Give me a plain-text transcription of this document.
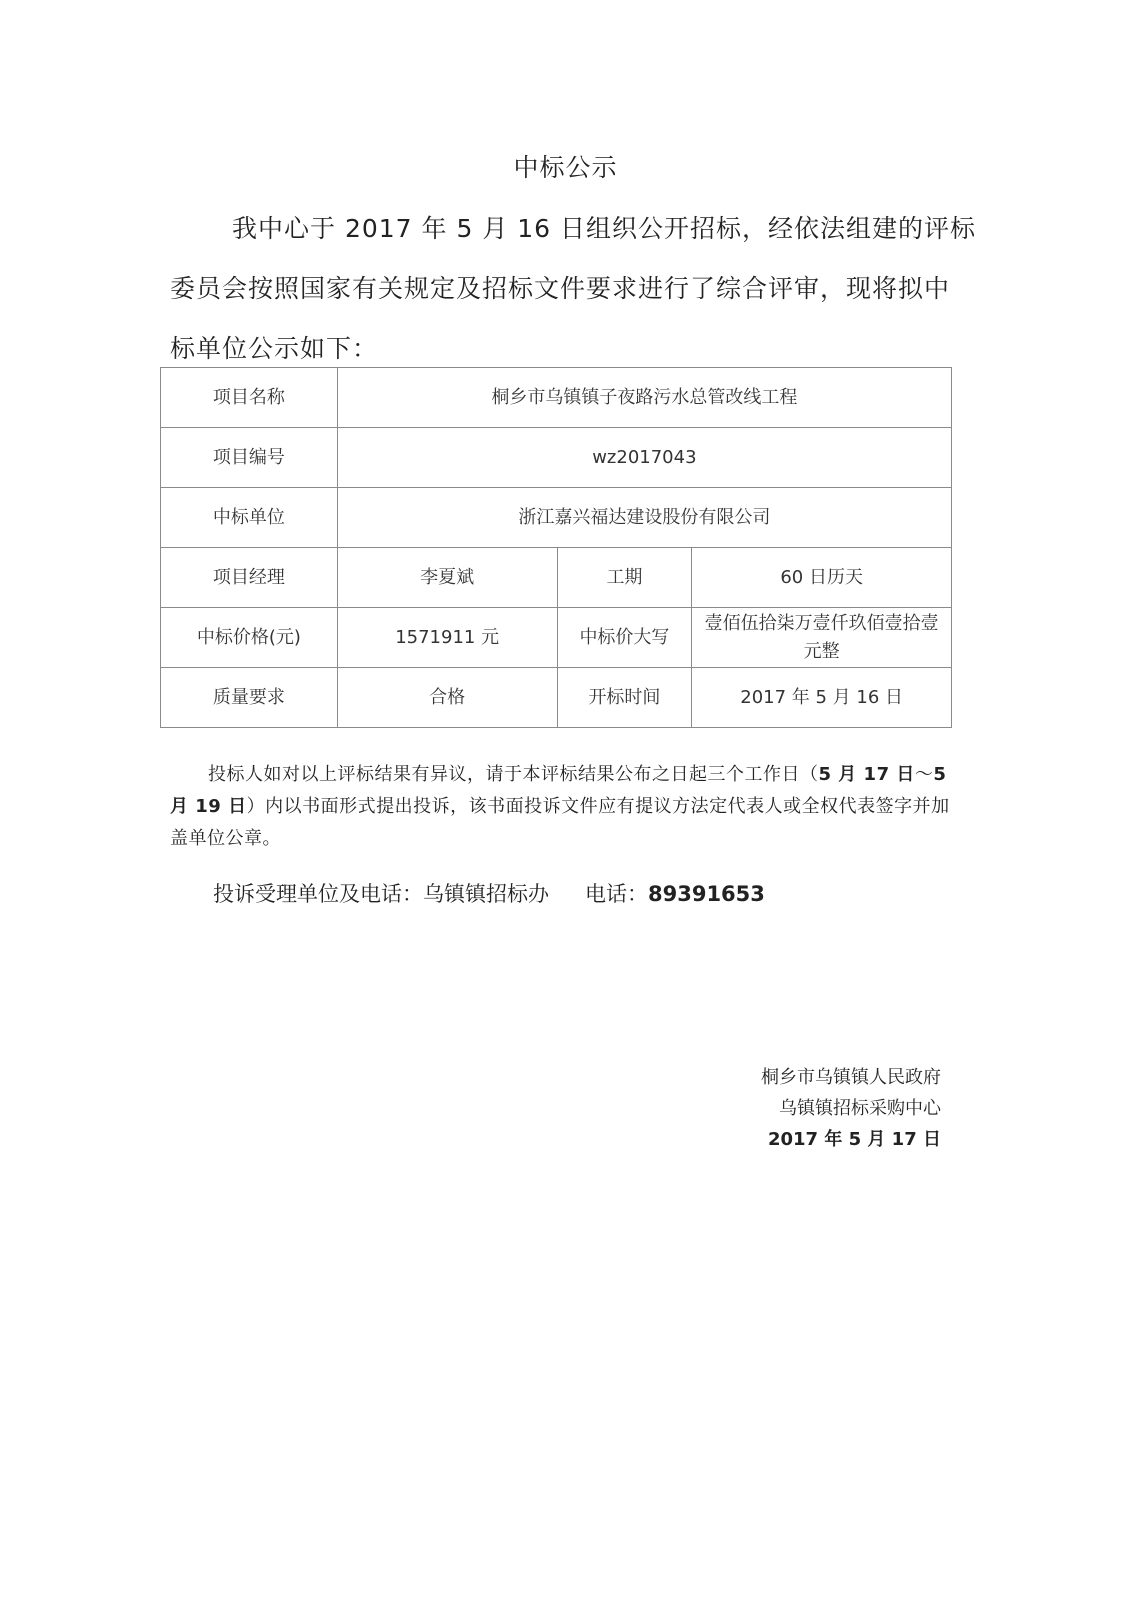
中标公示
我中心于 2017 年 5 月 16 日组织公开招标，经依法组建的评标
委员会按照国家有关规定及招标文件要求进行了综合评审，现将拟中
标单位公示如下：
项目名称	桐乡市乌镇镇子夜路污水总管改线工程		
项目编号	wz2017043		
中标单位	浙江嘉兴福达建设股份有限公司		
项目经理	李夏斌	工期	60 日历天
中标价格(元)	1571911 元	中标价大写	壹佰伍拾柒万壹仟玖佰壹拾壹元整
质量要求	合格	开标时间	2017 年 5 月 16 日
投标人如对以上评标结果有异议，请于本评标结果公布之日起三个工作日（5 月 17 日～5 月 19 日）内以书面形式提出投诉，该书面投诉文件应有提议方法定代表人或全权代表签字并加盖单位公章。
投诉受理单位及电话：乌镇镇招标办 电话：89391653
桐乡市乌镇镇人民政府
乌镇镇招标采购中心
2017 年 5 月 17 日
